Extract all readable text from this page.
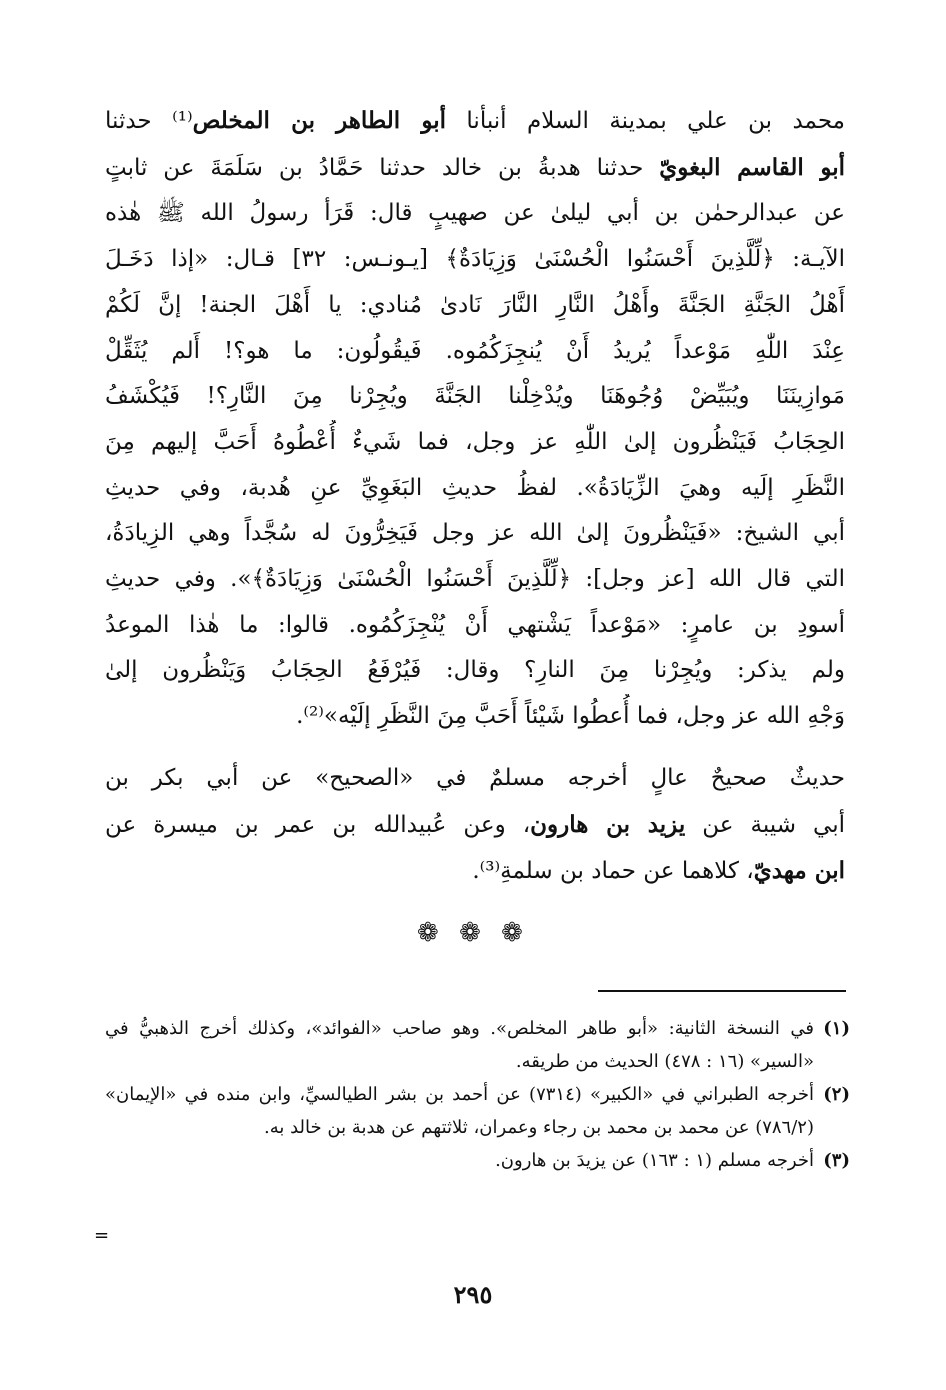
محمد بن علي بمدينة السلام أنبأنا أبو الطاهر بن المخلص⁽¹⁾ حدثنا
أبو القاسم البغويّ حدثنا هدبةُ بن خالد حدثنا حَمَّادُ بن سَلَمَةَ عن ثابتٍ
عن عبدالرحمٰن بن أبي ليلىٰ عن صهيبٍ قال: قَرَأ رسولُ الله ﷺ هٰذه
الآيـة: ﴿لِّلَّذِينَ أَحْسَنُوا الْحُسْنَىٰ وَزِيَادَةٌ﴾ [يـونـس: ٣٢] قـال: «إذا دَخَـلَ
أَهْلُ الجَنَّةِ الجَنَّةَ وأَهْلُ النَّارِ النَّارَ نَادىٰ مُنادي: يا أَهْلَ الجنة! إنَّ لَكُمْ
عِنْدَ اللّٰهِ مَوْعداً يُريدُ أَنْ يُنجِزَكُمُوه. فَيقُولُون: ما هو؟! أَلم يُثَقِّلْ
مَوازِينَنَا ويُبَيِّضْ وُجُوهَنَا ويُدْخِلْنا الجَنَّةَ ويُجِرْنا مِنَ النَّارِ؟! فَيُكْشَفُ
الحِجَابُ فَيَنْظُرون إلىٰ اللّٰهِ عز وجل، فما شَيءٌ أُعْطُوهُ أَحَبَّ إليهم مِنَ
النَّظَرِ إلَيه وهيَ الزِّيَادَةُ». لفظُ حديثِ البَغَوِيِّ عنِ هُدبة، وفي حديثِ
أبي الشيخ: «فَيَنْظُرونَ إلىٰ الله عز وجل فَيَخِرُّونَ له سُجَّداً وهي الزِيادَةُ،
التي قال الله [عز وجل]: ﴿لِّلَّذِينَ أَحْسَنُوا الْحُسْنَىٰ وَزِيَادَةٌ﴾». وفي حديثِ
أسودِ بن عامرٍ: «مَوْعداً يَشْتهي أَنْ يُنْجِزَكُمُوه. قالوا: ما هٰذا الموعدُ
ولم يذكر: ويُجِرْنا مِنَ النارِ؟ وقال: فَيُرْفَعُ الحِجَابُ وَيَنْظُرون إلىٰ
وَجْهِ الله عز وجل، فما أُعطُوا شَيْئاً أَحَبَّ مِنَ النَّظَرِ إلَيْه»⁽²⁾.
حديثٌ صحيحٌ عالٍ أخرجه مسلمٌ في «الصحيح» عن أبي بكر بن
أبي شيبة عن يزيد بن هارون، وعن عُبيدالله بن عمر بن ميسرة عن
ابن مهديّ، كلاهما عن حماد بن سلمةِ⁽³⁾.
❁ ❁ ❁
(١)
في النسخة الثانية: «أبو طاهر المخلص». وهو صاحب «الفوائد»، وكذلك أخرج الذهبيُّ في «السير» (١٦ : ٤٧٨) الحديث من طريقه.
(٢)
أخرجه الطبراني في «الكبير» (٧٣١٤) عن أحمد بن بشر الطيالسيِّ، وابن منده في «الإيمان» (٧٨٦/٢) عن محمد بن محمد بن رجاء وعمران، ثلاثتهم عن هدبة بن خالد به.
(٣)
أخرجه مسلم (١ : ١٦٣) عن يزيدَ بن هارون.
=
٢٩٥
